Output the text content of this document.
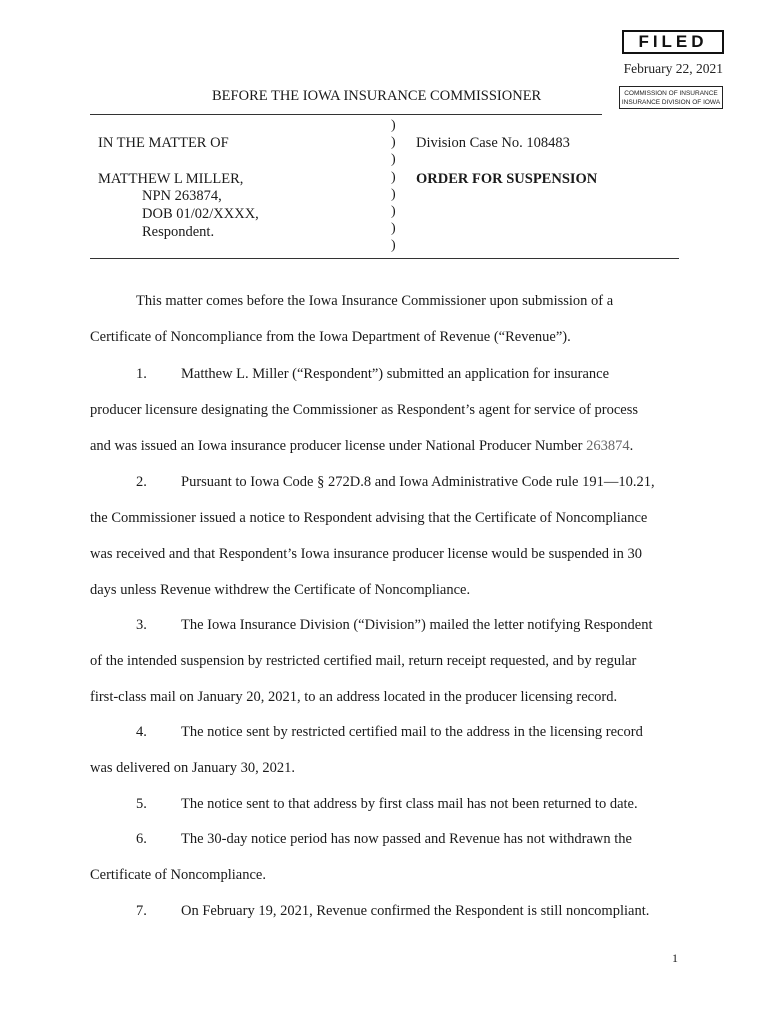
FILED
February 22, 2021
COMMISSION OF INSURANCE
INSURANCE DIVISION OF IOWA
BEFORE THE IOWA INSURANCE COMMISSIONER
IN THE MATTER OF
MATTHEW L MILLER,
NPN 263874,
DOB 01/02/XXXX,
Respondent.
)
)
)
)
)
)
)
)
Division Case No. 108483
ORDER FOR SUSPENSION
This matter comes before the Iowa Insurance Commissioner upon submission of a
Certificate of Noncompliance from the Iowa Department of Revenue (“Revenue”).
1. Matthew L. Miller (“Respondent”) submitted an application for insurance
producer licensure designating the Commissioner as Respondent’s agent for service of process
and was issued an Iowa insurance producer license under National Producer Number 263874.
2. Pursuant to Iowa Code § 272D.8 and Iowa Administrative Code rule 191—10.21,
the Commissioner issued a notice to Respondent advising that the Certificate of Noncompliance
was received and that Respondent’s Iowa insurance producer license would be suspended in 30
days unless Revenue withdrew the Certificate of Noncompliance.
3. The Iowa Insurance Division (“Division”) mailed the letter notifying Respondent
of the intended suspension by restricted certified mail, return receipt requested, and by regular
first-class mail on January 20, 2021, to an address located in the producer licensing record.
4. The notice sent by restricted certified mail to the address in the licensing record
was delivered on January 30, 2021.
5. The notice sent to that address by first class mail has not been returned to date.
6. The 30-day notice period has now passed and Revenue has not withdrawn the
Certificate of Noncompliance.
7. On February 19, 2021, Revenue confirmed the Respondent is still noncompliant.
1
